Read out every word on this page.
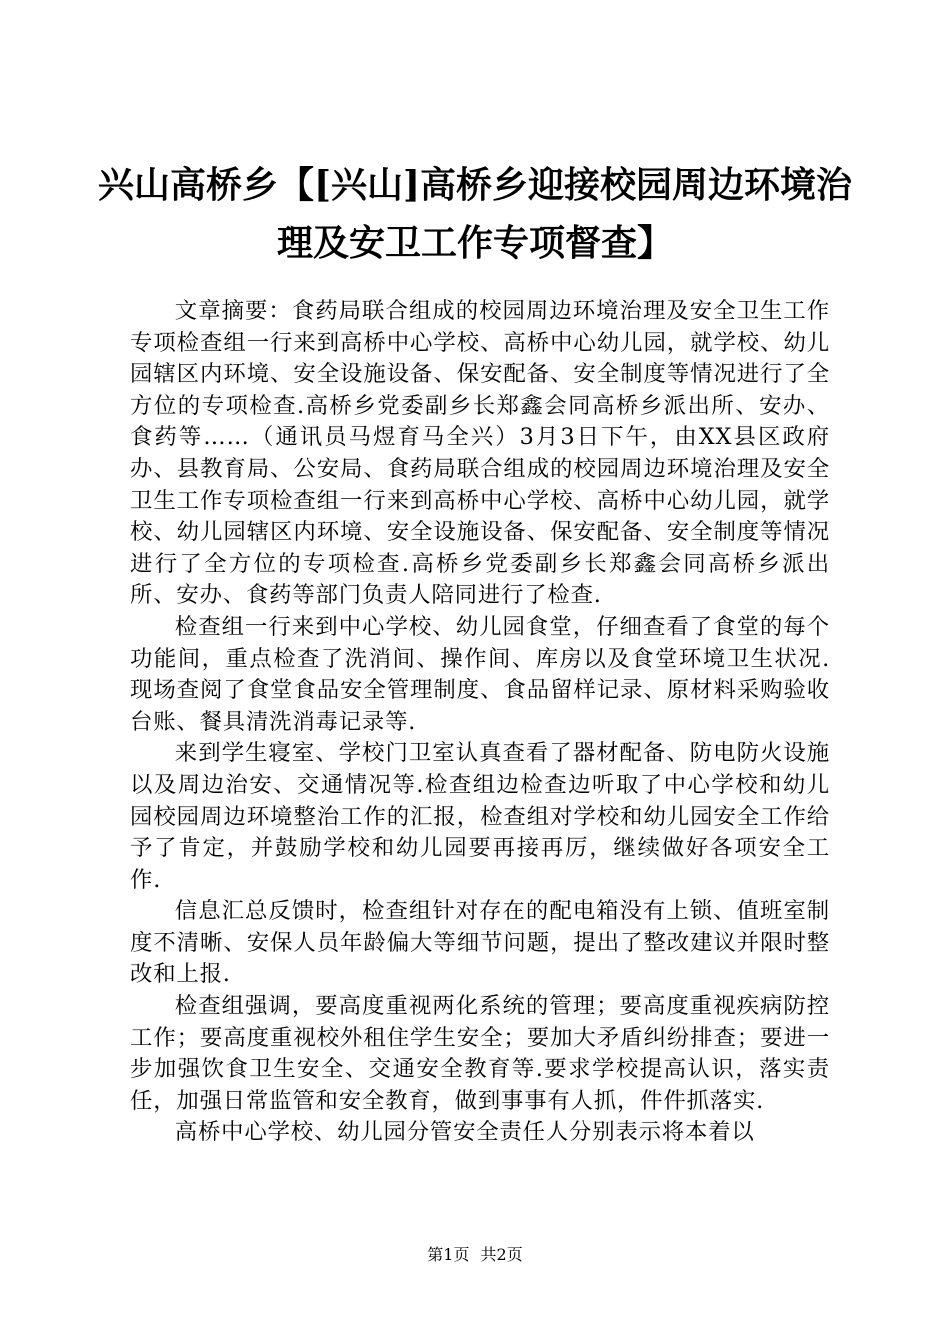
兴山高桥乡【[兴山]高桥乡迎接校园周边环境治理及安卫工作专项督查】

文章摘要：食药局联合组成的校园周边环境治理及安全卫生工作专项检查组一行来到高桥中心学校、高桥中心幼儿园，就学校、幼儿园辖区内环境、安全设施设备、保安配备、安全制度等情况进行了全方位的专项检查.高桥乡党委副乡长郑鑫会同高桥乡派出所、安办、食药等……（通讯员马煜育马全兴）3月3日下午，由XX县区政府办、县教育局、公安局、食药局联合组成的校园周边环境治理及安全卫生工作专项检查组一行来到高桥中心学校、高桥中心幼儿园，就学校、幼儿园辖区内环境、安全设施设备、保安配备、安全制度等情况进行了全方位的专项检查.高桥乡党委副乡长郑鑫会同高桥乡派出所、安办、食药等部门负责人陪同进行了检查.

检查组一行来到中心学校、幼儿园食堂，仔细查看了食堂的每个功能间，重点检查了洗消间、操作间、库房以及食堂环境卫生状况.现场查阅了食堂食品安全管理制度、食品留样记录、原材料采购验收台账、餐具清洗消毒记录等.

来到学生寝室、学校门卫室认真查看了器材配备、防电防火设施以及周边治安、交通情况等.检查组边检查边听取了中心学校和幼儿园校园周边环境整治工作的汇报，检查组对学校和幼儿园安全工作给予了肯定，并鼓励学校和幼儿园要再接再厉，继续做好各项安全工作.

信息汇总反馈时，检查组针对存在的配电箱没有上锁、值班室制度不清晰、安保人员年龄偏大等细节问题，提出了整改建议并限时整改和上报.

检查组强调，要高度重视两化系统的管理；要高度重视疾病防控工作；要高度重视校外租住学生安全；要加大矛盾纠纷排查；要进一步加强饮食卫生安全、交通安全教育等.要求学校提高认识，落实责任，加强日常监管和安全教育，做到事事有人抓，件件抓落实.

高桥中心学校、幼儿园分管安全责任人分别表示将本着以

第1页 共2页
